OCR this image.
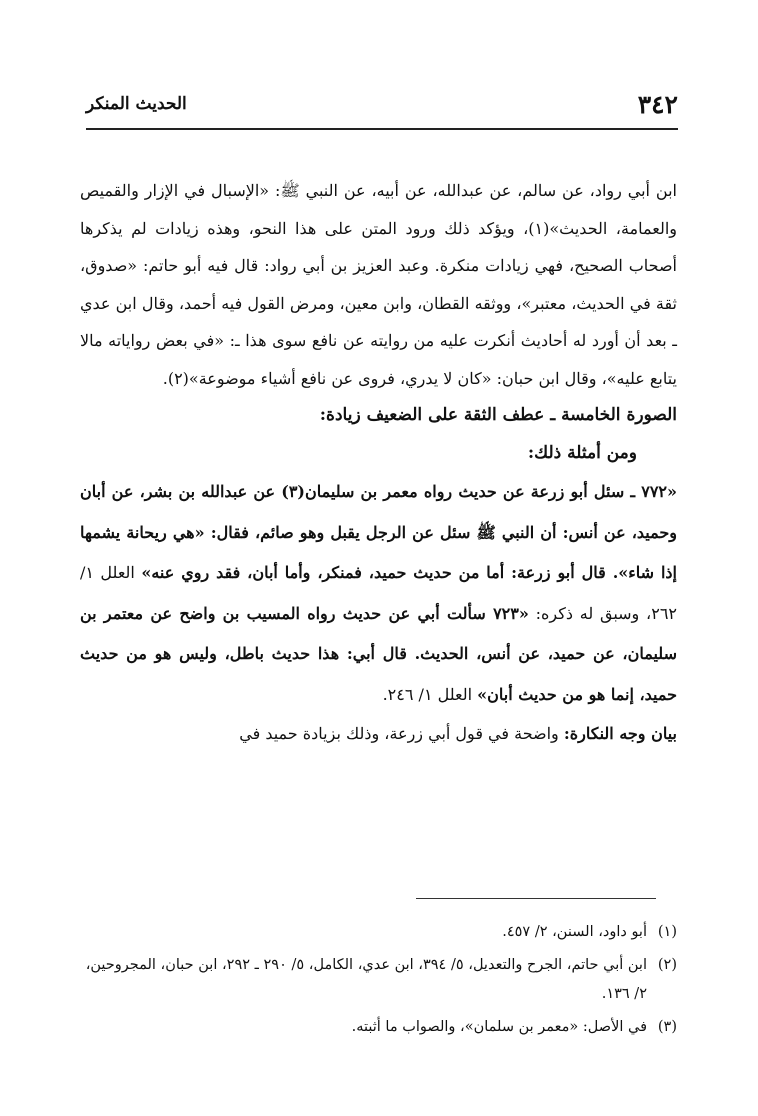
٣٤٢
الحديث المنكر

ابن أبي رواد، عن سالم، عن عبدالله، عن أبيه، عن النبي ﷺ: «الإسبال في الإزار والقميص والعمامة، الحديث»(١)، ويؤكد ذلك ورود المتن على هذا النحو، وهذه زيادات لم يذكرها أصحاب الصحيح، فهي زيادات منكرة. وعبد العزيز بن أبي رواد: قال فيه أبو حاتم: «صدوق، ثقة في الحديث، معتبر»، ووثقه القطان، وابن معين، ومرض القول فيه أحمد، وقال ابن عدي ـ بعد أن أورد له أحاديث أنكرت عليه من روايته عن نافع سوى هذا ـ: «في بعض رواياته مالا يتابع عليه»، وقال ابن حبان: «كان لا يدري، فروى عن نافع أشياء موضوعة»(٢).

الصورة الخامسة ـ عطف الثقة على الضعيف زيادة:

ومن أمثلة ذلك:

«٧٧٢ ـ سئل أبو زرعة عن حديث رواه معمر بن سليمان(٣) عن عبدالله بن بشر، عن أبان وحميد، عن أنس: أن النبي ﷺ سئل عن الرجل يقبل وهو صائم، فقال: «هي ريحانة يشمها إذا شاء». قال أبو زرعة: أما من حديث حميد، فمنكر، وأما أبان، فقد روي عنه» العلل ١/ ٢٦٢، وسبق له ذكره: «٧٢٣ سألت أبي عن حديث رواه المسيب بن واضح عن معتمر بن سليمان، عن حميد، عن أنس، الحديث. قال أبي: هذا حديث باطل، وليس هو من حديث حميد، إنما هو من حديث أبان» العلل ١/ ٢٤٦.

بيان وجه النكارة: واضحة في قول أبي زرعة، وذلك بزيادة حميد في

(١)
أبو داود، السنن، ٢/ ٤٥٧.
(٢)
ابن أبي حاتم، الجرح والتعديل، ٥/ ٣٩٤، ابن عدي، الكامل، ٥/ ٢٩٠ ـ ٢٩٢، ابن حبان، المجروحين، ٢/ ١٣٦.
(٣)
في الأصل: «معمر بن سلمان»، والصواب ما أثبته.
